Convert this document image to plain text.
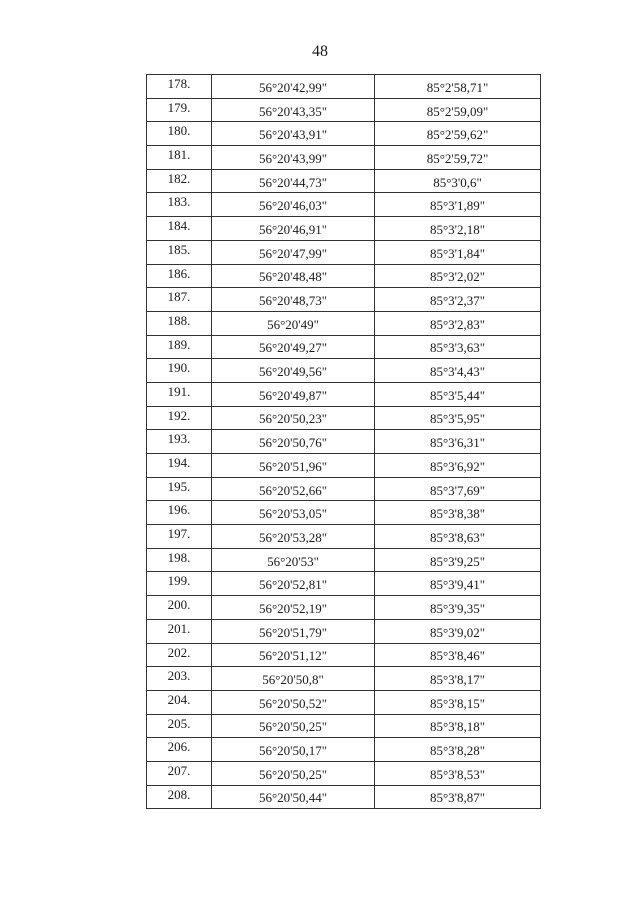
48
178.	56°20'42,99"	85°2'58,71"
179.	56°20'43,35"	85°2'59,09"
180.	56°20'43,91"	85°2'59,62"
181.	56°20'43,99"	85°2'59,72"
182.	56°20'44,73"	85°3'0,6"
183.	56°20'46,03"	85°3'1,89"
184.	56°20'46,91"	85°3'2,18"
185.	56°20'47,99"	85°3'1,84"
186.	56°20'48,48"	85°3'2,02"
187.	56°20'48,73"	85°3'2,37"
188.	56°20'49"	85°3'2,83"
189.	56°20'49,27"	85°3'3,63"
190.	56°20'49,56"	85°3'4,43"
191.	56°20'49,87"	85°3'5,44"
192.	56°20'50,23"	85°3'5,95"
193.	56°20'50,76"	85°3'6,31"
194.	56°20'51,96"	85°3'6,92"
195.	56°20'52,66"	85°3'7,69"
196.	56°20'53,05"	85°3'8,38"
197.	56°20'53,28"	85°3'8,63"
198.	56°20'53"	85°3'9,25"
199.	56°20'52,81"	85°3'9,41"
200.	56°20'52,19"	85°3'9,35"
201.	56°20'51,79"	85°3'9,02"
202.	56°20'51,12"	85°3'8,46"
203.	56°20'50,8"	85°3'8,17"
204.	56°20'50,52"	85°3'8,15"
205.	56°20'50,25"	85°3'8,18"
206.	56°20'50,17"	85°3'8,28"
207.	56°20'50,25"	85°3'8,53"
208.	56°20'50,44"	85°3'8,87"
